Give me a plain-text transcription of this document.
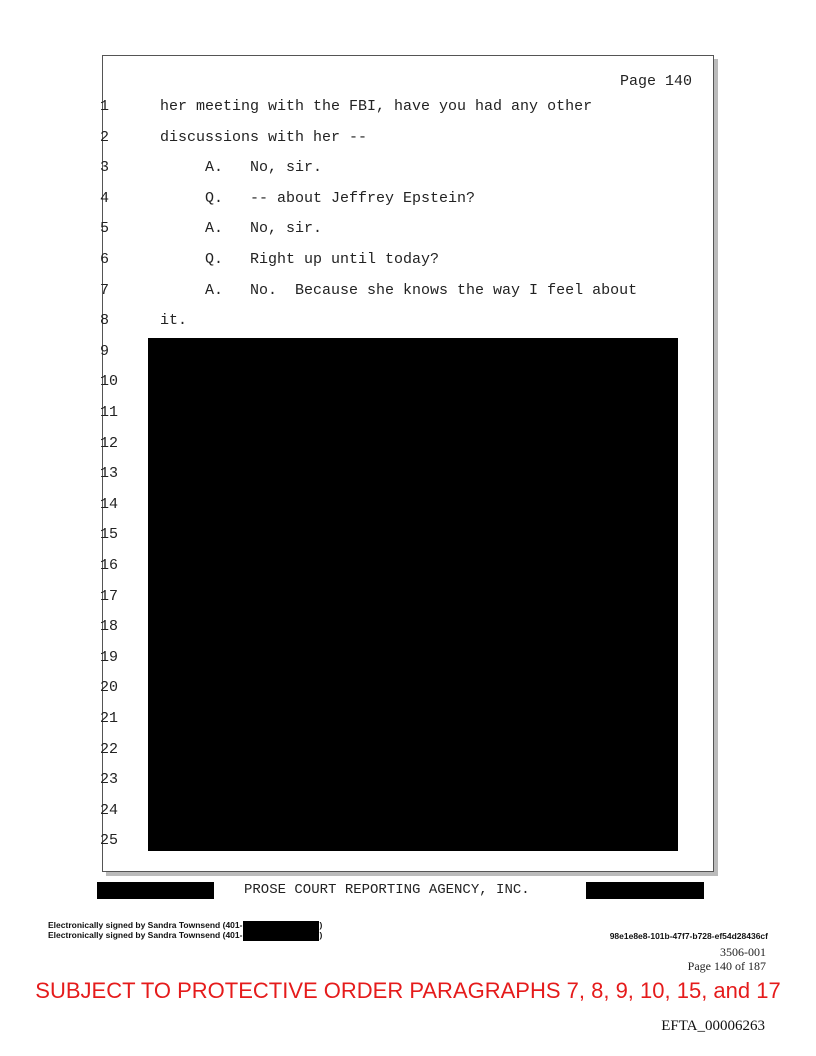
Page 140
1	her meeting with the FBI, have you had any other
2	discussions with her --
3	A.   No, sir.
4	Q.   -- about Jeffrey Epstein?
5	A.   No, sir.
6	Q.   Right up until today?
7	A.   No.  Because she knows the way I feel about
8	it.
9
10
11
12
13
14
15
16
17
18
19
20
21
22
23
24
25
PROSE COURT REPORTING AGENCY, INC.
Electronically signed by Sandra Townsend (401-	)
Electronically signed by Sandra Townsend (401-	)	98e1e8e8-101b-47f7-b728-ef54d28436cf
3506-001
Page 140 of 187
SUBJECT TO PROTECTIVE ORDER PARAGRAPHS 7, 8, 9, 10, 15, and 17
EFTA_00006263
